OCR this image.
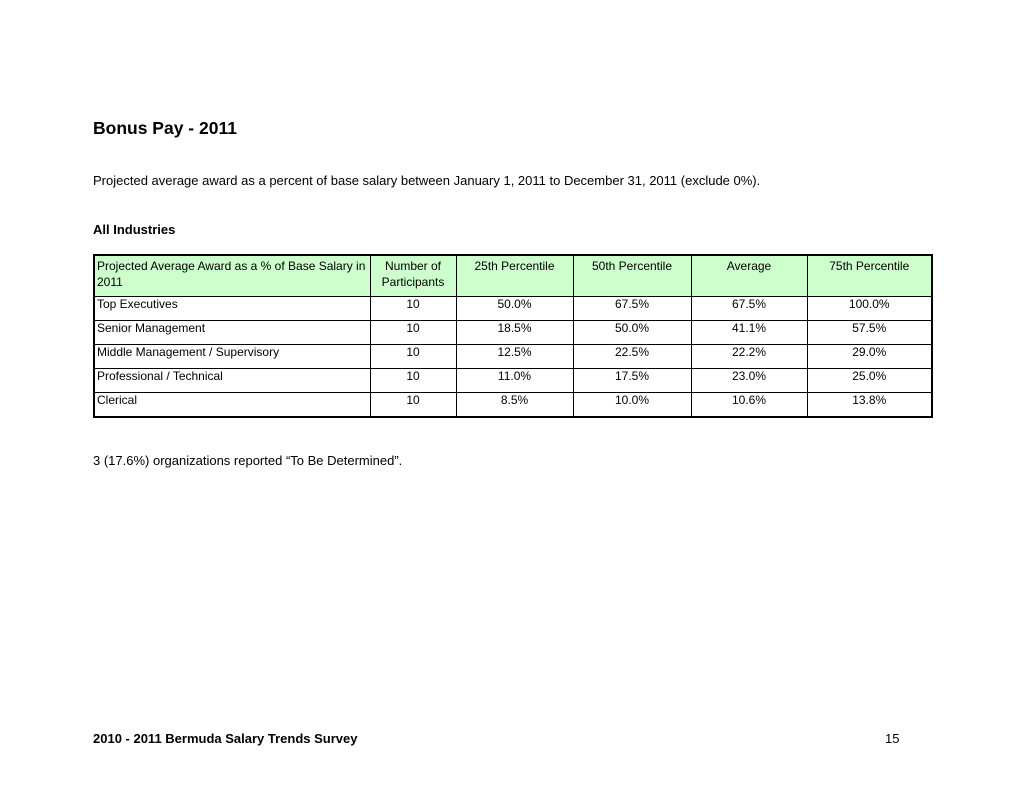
Bonus Pay - 2011

Projected average award as a percent of base salary between January 1, 2011 to December 31, 2011 (exclude 0%).

All Industries
Projected Average Award as a % of Base Salary in 2011	Number of Participants	25th Percentile	50th Percentile	Average	75th Percentile
Top Executives	10	50.0%	67.5%	67.5%	100.0%
Senior Management	10	18.5%	50.0%	41.1%	57.5%
Middle Management / Supervisory	10	12.5%	22.5%	22.2%	29.0%
Professional / Technical	10	11.0%	17.5%	23.0%	25.0%
Clerical	10	8.5%	10.0%	10.6%	13.8%

3 (17.6%) organizations reported “To Be Determined”.

2010 - 2011 Bermuda Salary Trends Survey	15
